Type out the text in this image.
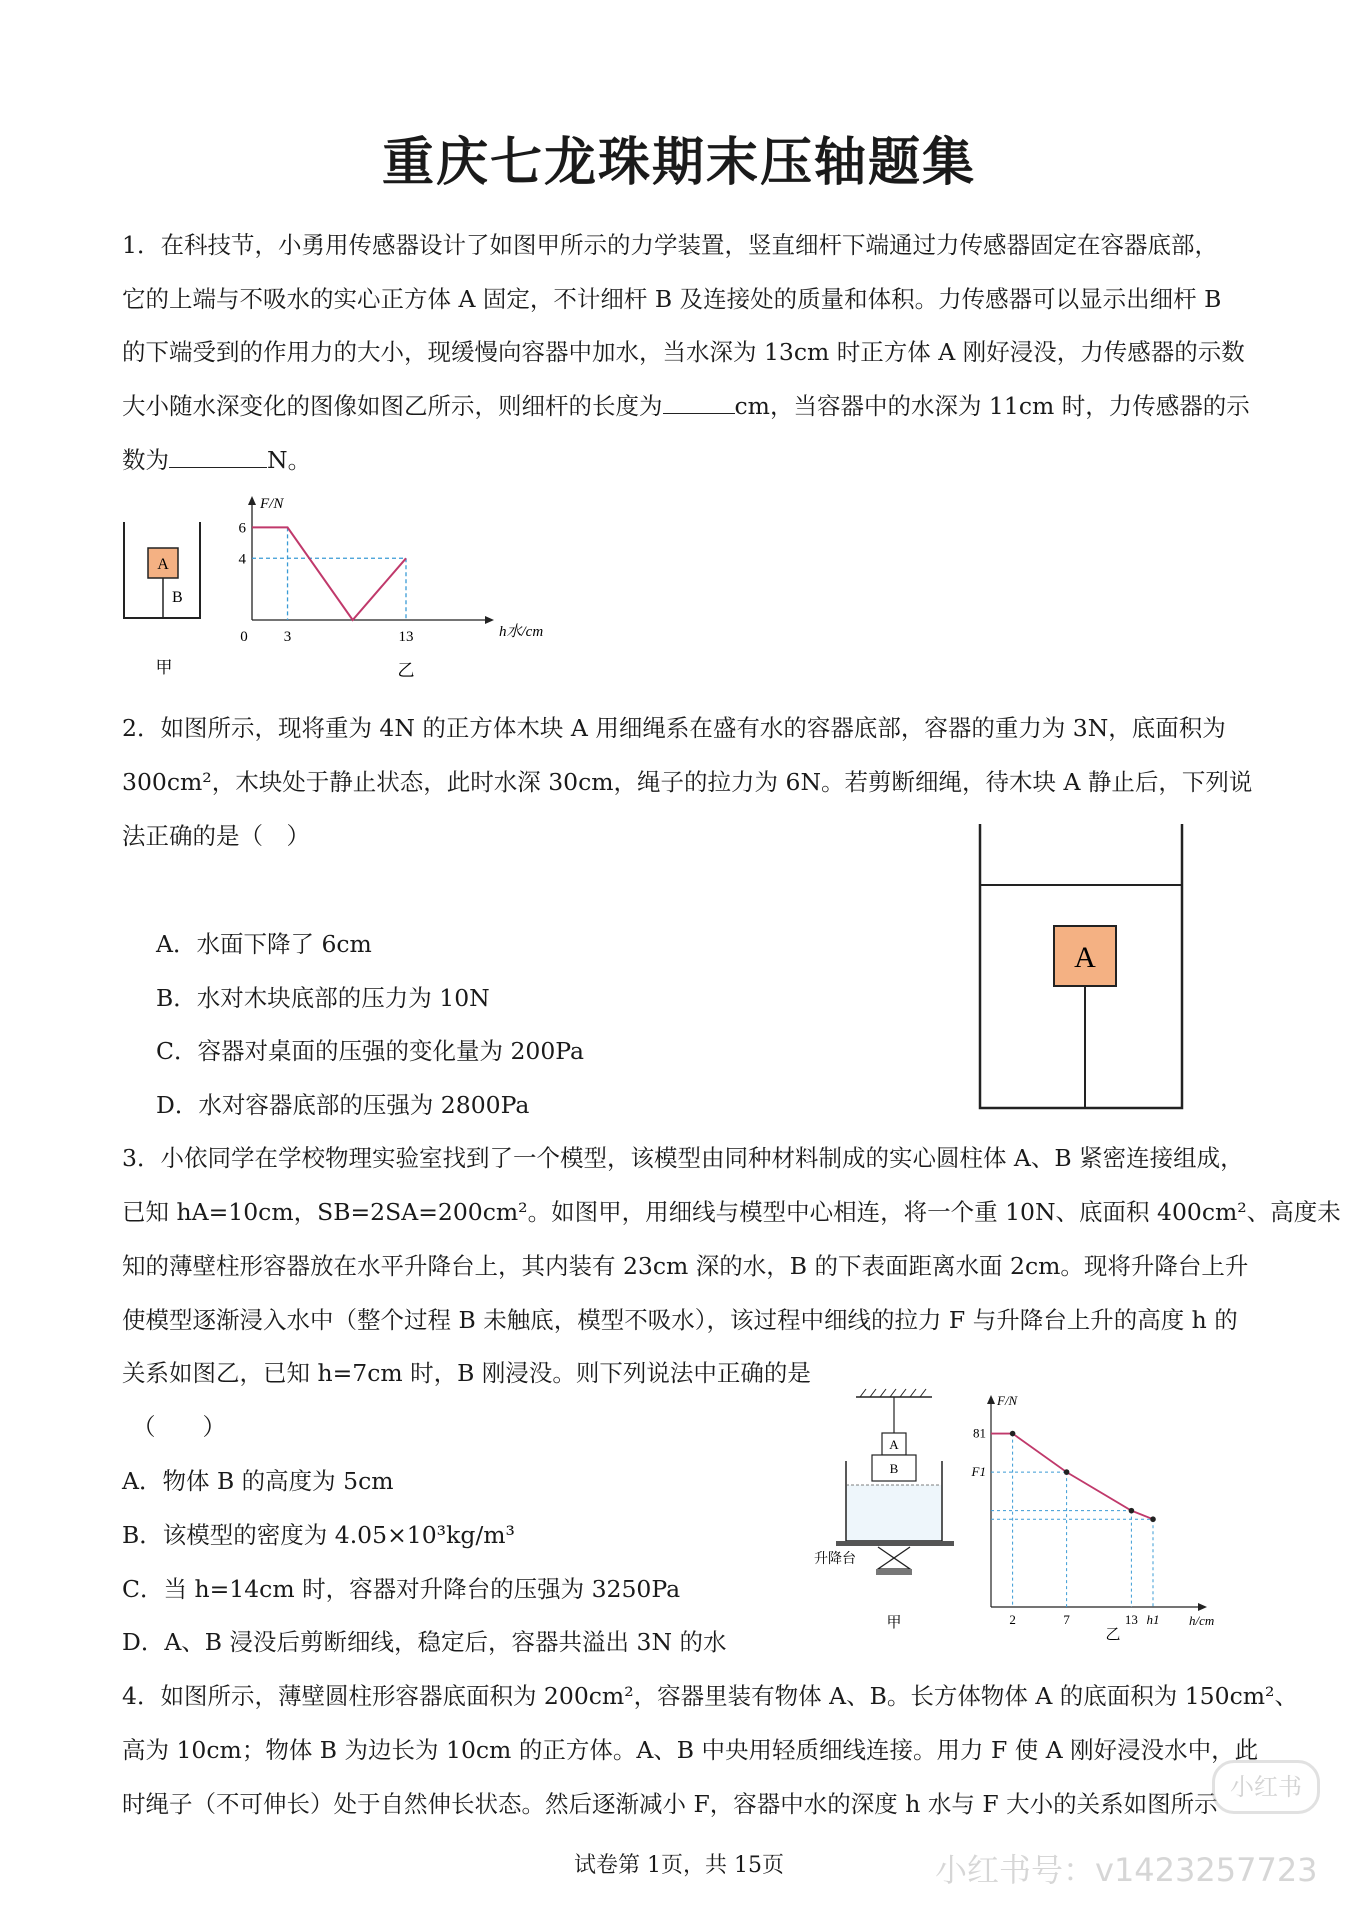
重庆七龙珠期末压轴题集
1．在科技节，小勇用传感器设计了如图甲所示的力学装置，竖直细杆下端通过力传感器固定在容器底部，
它的上端与不吸水的实心正方体 A 固定，不计细杆 B 及连接处的质量和体积。力传感器可以显示出细杆 B
的下端受到的作用力的大小，现缓慢向容器中加水，当水深为 13cm 时正方体 A 刚好浸没，力传感器的示数
大小随水深变化的图像如图乙所示，则细杆的长度为	cm，当容器中的水深为 11cm 时，力传感器的示
数为	N。
A
B
甲
F/N
h水/cm
6
4
0 3	13
乙
2．如图所示，现将重为 4N 的正方体木块 A 用细绳系在盛有水的容器底部，容器的重力为 3N，底面积为
300cm²，木块处于静止状态，此时水深 30cm，绳子的拉力为 6N。若剪断细绳，待木块 A 静止后，下列说
法正确的是（　）
A．水面下降了 6cm
B．水对木块底部的压力为 10N
C．容器对桌面的压强的变化量为 200Pa
D．水对容器底部的压强为 2800Pa
A
3．小依同学在学校物理实验室找到了一个模型，该模型由同种材料制成的实心圆柱体 A、B 紧密连接组成，
已知 hA=10cm，SB=2SA=200cm²。如图甲，用细线与模型中心相连，将一个重 10N、底面积 400cm²、高度未
知的薄壁柱形容器放在水平升降台上，其内装有 23cm 深的水，B 的下表面距离水面 2cm。现将升降台上升
使模型逐渐浸入水中（整个过程 B 未触底，模型不吸水），该过程中细线的拉力 F 与升降台上升的高度 h 的
关系如图乙，已知 h=7cm 时，B 刚浸没。则下列说法中正确的是
（　　）
A．物体 B 的高度为 5cm
B．该模型的密度为 4.05×10³kg/m³
C．当 h=14cm 时，容器对升降台的压强为 3250Pa
D．A、B 浸没后剪断细线，稳定后，容器共溢出 3N 的水
A
B
升降台
甲
F/N
h/cm
81
F1
2	7	13 h1
乙
4．如图所示，薄壁圆柱形容器底面积为 200cm²，容器里装有物体 A、B。长方体物体 A 的底面积为 150cm²、
高为 10cm；物体 B 为边长为 10cm 的正方体。A、B 中央用轻质细线连接。用力 F 使 A 刚好浸没水中，此
时绳子（不可伸长）处于自然伸长状态。然后逐渐减小 F，容器中水的深度 h 水与 F 大小的关系如图所示
试卷第 1页，共 15页
小红书
小红书号：v1423257723
